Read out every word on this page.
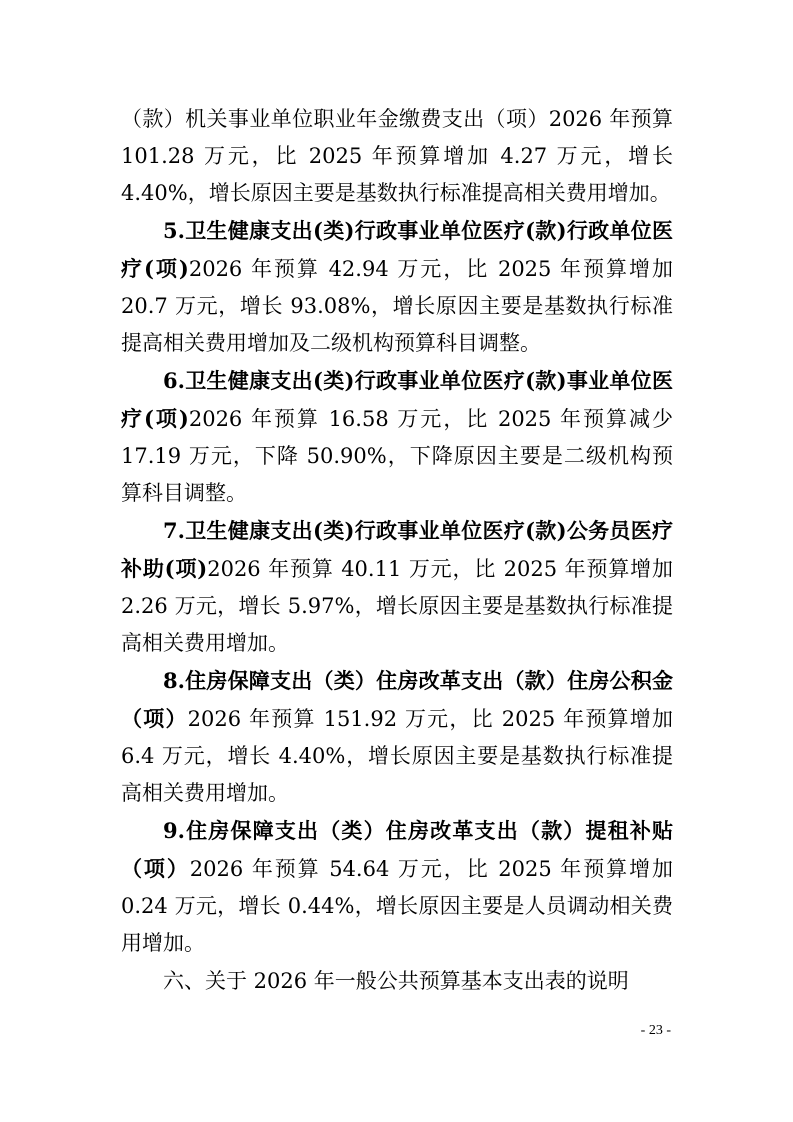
（款）机关事业单位职业年金缴费支出（项）2026 年预算 101.28 万元，比 2025 年预算增加 4.27 万元，增长 4.40%，增长原因主要是基数执行标准提高相关费用增加。

5.卫生健康支出(类)行政事业单位医疗(款)行政单位医疗(项)2026 年预算 42.94 万元，比 2025 年预算增加 20.7 万元，增长 93.08%，增长原因主要是基数执行标准提高相关费用增加及二级机构预算科目调整。

6.卫生健康支出(类)行政事业单位医疗(款)事业单位医疗(项)2026 年预算 16.58 万元，比 2025 年预算减少 17.19 万元，下降 50.90%，下降原因主要是二级机构预算科目调整。

7.卫生健康支出(类)行政事业单位医疗(款)公务员医疗补助(项)2026 年预算 40.11 万元，比 2025 年预算增加 2.26 万元，增长 5.97%，增长原因主要是基数执行标准提高相关费用增加。

8.住房保障支出（类）住房改革支出（款）住房公积金（项）2026 年预算 151.92 万元，比 2025 年预算增加 6.4 万元，增长 4.40%，增长原因主要是基数执行标准提高相关费用增加。

9.住房保障支出（类）住房改革支出（款）提租补贴（项）2026 年预算 54.64 万元，比 2025 年预算增加 0.24 万元，增长 0.44%，增长原因主要是人员调动相关费用增加。

六、关于 2026 年一般公共预算基本支出表的说明

- 23 -
